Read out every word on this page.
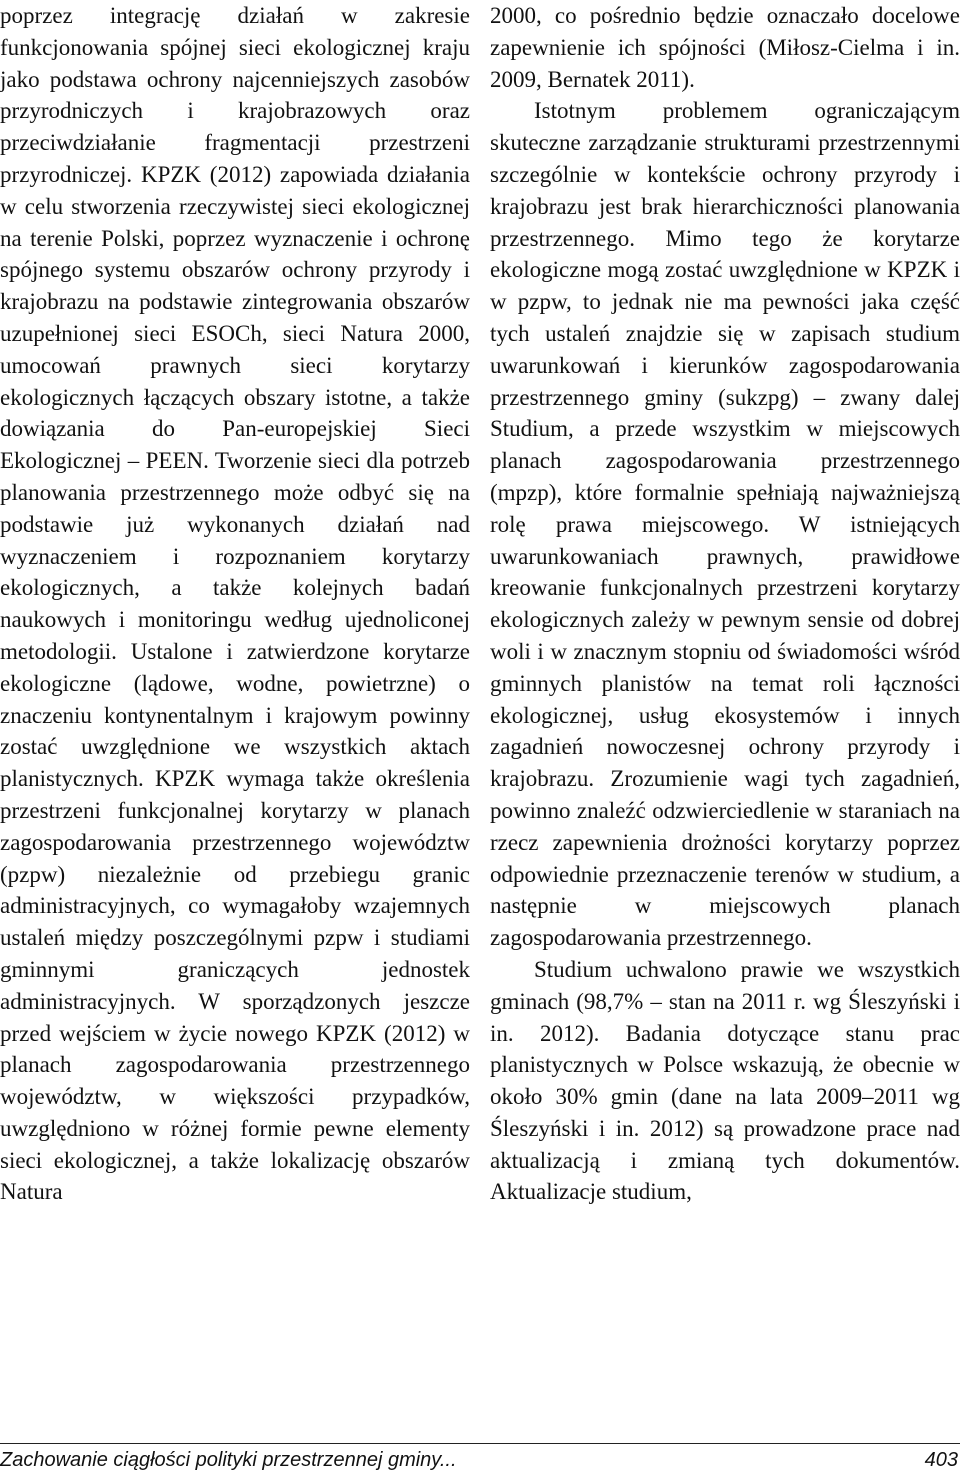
poprzez integrację działań w zakresie funkcjonowania spójnej sieci ekologicznej kraju jako podstawa ochrony najcenniejszych zasobów przyrodniczych i krajobrazowych oraz przeciwdziałanie fragmentacji przestrzeni przyrodniczej. KPZK (2012) zapowiada działania w celu stworzenia rzeczywistej sieci ekologicznej na terenie Polski, poprzez wyznaczenie i ochronę spójnego systemu obszarów ochrony przyrody i krajobrazu na podstawie zintegrowania obszarów uzupełnionej sieci ESOCh, sieci Natura 2000, umocowań prawnych sieci korytarzy ekologicznych łączących obszary istotne, a także dowiązania do Pan-europejskiej Sieci Ekologicznej – PEEN. Tworzenie sieci dla potrzeb planowania przestrzennego może odbyć się na podstawie już wykonanych działań nad wyznaczeniem i rozpoznaniem korytarzy ekologicznych, a także kolejnych badań naukowych i monitoringu według ujednoliconej metodologii. Ustalone i zatwierdzone korytarze ekologiczne (lądowe, wodne, powietrzne) o znaczeniu kontynentalnym i krajowym powinny zostać uwzględnione we wszystkich aktach planistycznych. KPZK wymaga także określenia przestrzeni funkcjonalnej korytarzy w planach zagospodarowania przestrzennego województw (pzpw) niezależnie od przebiegu granic administracyjnych, co wymagałoby wzajemnych ustaleń między poszczególnymi pzpw i studiami gminnymi graniczących jednostek administracyjnych. W sporządzonych jeszcze przed wejściem w życie nowego KPZK (2012) w planach zagospodarowania przestrzennego województw, w większości przypadków, uwzględniono w różnej formie pewne elementy sieci ekologicznej, a także lokalizację obszarów Natura

2000, co pośrednio będzie oznaczało docelowe zapewnienie ich spójności (Miłosz-Cielma i in. 2009, Bernatek 2011).

Istotnym problemem ograniczającym skuteczne zarządzanie strukturami przestrzennymi szczególnie w kontekście ochrony przyrody i krajobrazu jest brak hierarchiczności planowania przestrzennego. Mimo tego że korytarze ekologiczne mogą zostać uwzględnione w KPZK i w pzpw, to jednak nie ma pewności jaka część tych ustaleń znajdzie się w zapisach studium uwarunkowań i kierunków zagospodarowania przestrzennego gminy (sukzpg) – zwany dalej Studium, a przede wszystkim w miejscowych planach zagospodarowania przestrzennego (mpzp), które formalnie spełniają najważniejszą rolę prawa miejscowego. W istniejących uwarunkowaniach prawnych, prawidłowe kreowanie funkcjonalnych przestrzeni korytarzy ekologicznych zależy w pewnym sensie od dobrej woli i w znacznym stopniu od świadomości wśród gminnych planistów na temat roli łączności ekologicznej, usług ekosystemów i innych zagadnień nowoczesnej ochrony przyrody i krajobrazu. Zrozumienie wagi tych zagadnień, powinno znaleźć odzwierciedlenie w staraniach na rzecz zapewnienia drożności korytarzy poprzez odpowiednie przeznaczenie terenów w studium, a następnie w miejscowych planach zagospodarowania przestrzennego.

Studium uchwalono prawie we wszystkich gminach (98,7% – stan na 2011 r. wg Śleszyński i in. 2012). Badania dotyczące stanu prac planistycznych w Polsce wskazują, że obecnie w około 30% gmin (dane na lata 2009–2011 wg Śleszyński i in. 2012) są prowadzone prace nad aktualizacją i zmianą tych dokumentów. Aktualizacje studium,

Zachowanie ciągłości polityki przestrzennej gminy...	403
